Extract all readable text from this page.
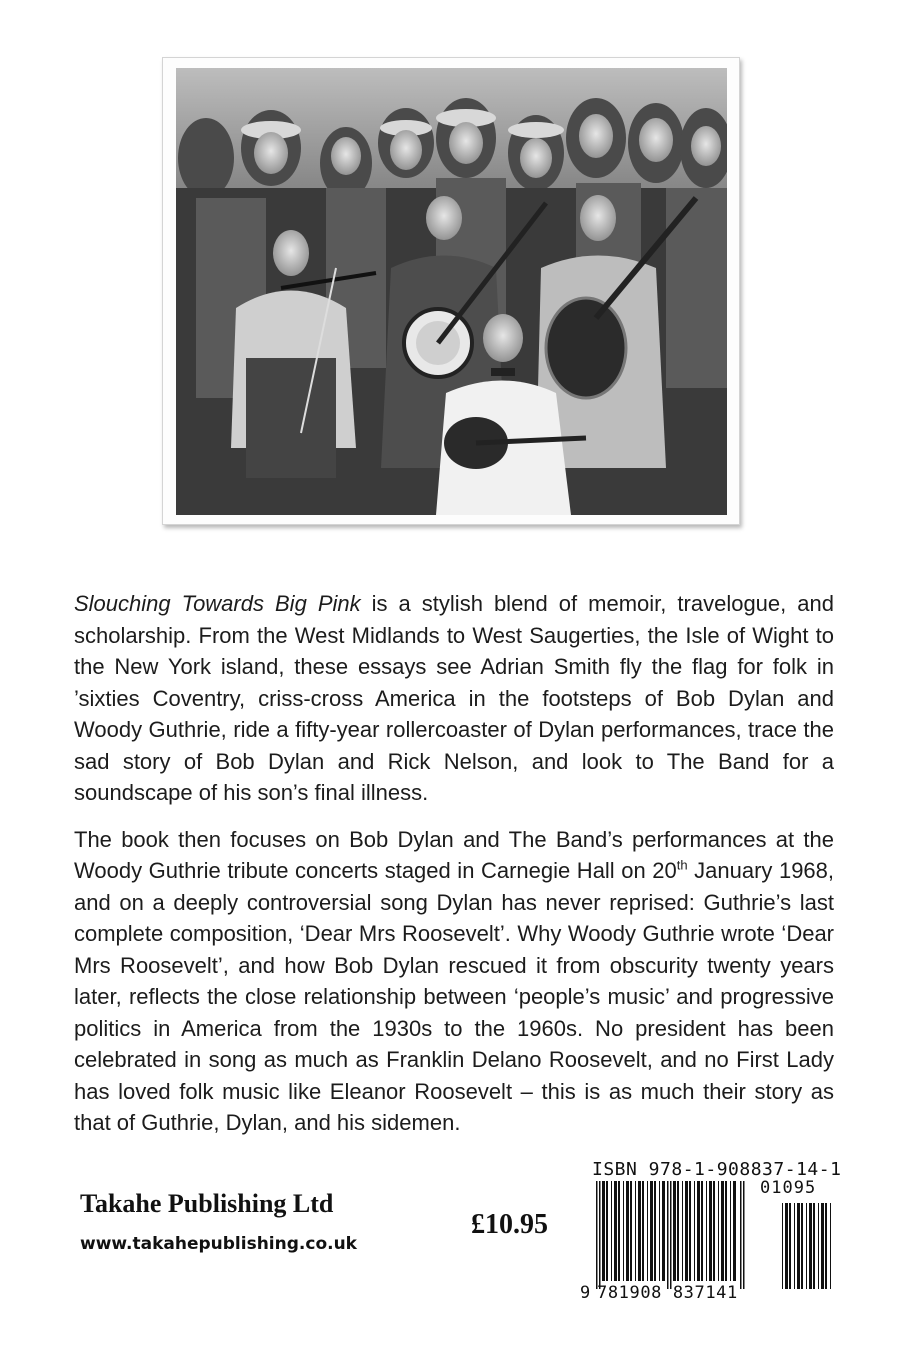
Slouching Towards Big Pink is a stylish blend of memoir, travelogue, and scholarship. From the West Midlands to West Saugerties, the Isle of Wight to the New York island, these essays see Adrian Smith fly the flag for folk in ’sixties Coventry, criss-cross America in the footsteps of Bob Dylan and Woody Guthrie, ride a fifty-year rollercoaster of Dylan performances, trace the sad story of Bob Dylan and Rick Nelson, and look to The Band for a soundscape of his son’s final illness.

The book then focuses on Bob Dylan and The Band’s performances at the Woody Guthrie tribute concerts staged in Carnegie Hall on 20th January 1968, and on a deeply controversial song Dylan has never reprised: Guthrie’s last complete composition, ‘Dear Mrs Roosevelt’. Why Woody Guthrie wrote ‘Dear Mrs Roosevelt’, and how Bob Dylan rescued it from obscurity twenty years later, reflects the close relationship between ‘people’s music’ and progressive politics in America from the 1930s to the 1960s. No president has been celebrated in song as much as Franklin Delano Roosevelt, and no First Lady has loved folk music like Eleanor Roosevelt – this is as much their story as that of Guthrie, Dylan, and his sidemen.

Takahe Publishing Ltd
www.takahepublishing.co.uk
£10.95
ISBN 978-1-908837-14-1
01095
9 781908 837141
